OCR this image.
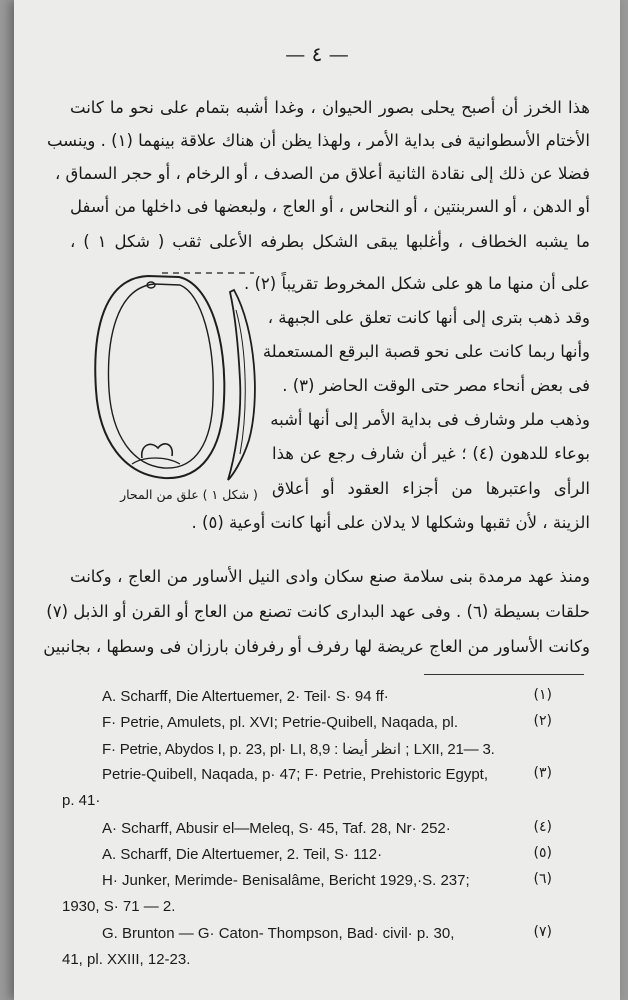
— ٤ —
هذا الخرز أن أصبح يحلى بصور الحيوان ، وغدا أشبه بتمام على نحو ما كانت
الأختام الأسطوانية فى بداية الأمر ، ولهذا يظن أن هناك علاقة بينهما (١) . وينسب
فضلا عن ذلك إلى نقادة الثانية أعلاق من الصدف ، أو الرخام ، أو حجر السماق ،
أو الدهن ، أو السربنتين ، أو النحاس ، أو العاج ، ولبعضها فى داخلها من أسفل
ما يشبه الخطاف ، وأغلبها يبقى الشكل بطرفه الأعلى ثقب ( شكل ١ ) ،
على أن منها ما هو على شكل المخروط تقريباً (٢) .
وقد ذهب بترى إلى أنها كانت تعلق على الجبهة ،
وأنها ربما كانت على نحو قصبة البرقع المستعملة
فى بعض أنحاء مصر حتى الوقت الحاضر (٣) .
وذهب ملر وشارف فى بداية الأمر إلى أنها أشبه
بوعاء للدهون (٤) ؛ غير أن شارف رجع عن هذا
الرأى واعتبرها من أجزاء العقود أو أعلاق
الزينة ، لأن ثقبها وشكلها لا يدلان على أنها كانت أوعية (٥) .
( شكل ١ ) علق من المحار
ومنذ عهد مرمدة بنى سلامة صنع سكان وادى النيل الأساور من العاج ، وكانت
حلقات بسيطة (٦) . وفى عهد البدارى كانت تصنع من العاج أو القرن أو الذبل (٧)
وكانت الأساور من العاج عريضة لها رفرف أو رفرفان بارزان فى وسطها ، بجانبين
(١)
A. Scharff, Die Altertuemer, 2· Teil· S· 94 ff·
(٢)
F· Petrie, Amulets, pl. XVI; Petrie-Quibell, Naqada, pl.
F· Petrie, Abydos I, p. 23, pl· LI, 8,9 : انظر أيضا ; LXII, 21— 3.
(٣)
Petrie-Quibell, Naqada, p· 47; F· Petrie, Prehistoric Egypt,
p. 41·
(٤)
A· Scharff, Abusir el—Meleq, S· 45, Taf. 28, Nr· 252·
(٥)
A. Scharff, Die Altertuemer, 2. Teil, S· 112·
(٦)
H· Junker, Merimde- Benisalâme, Bericht 1929,·S. 237;
1930, S· 71 — 2.
(٧)
G. Brunton — G· Caton- Thompson, Bad· civil· p. 30,
41, pl. XXIII, 12-23.
